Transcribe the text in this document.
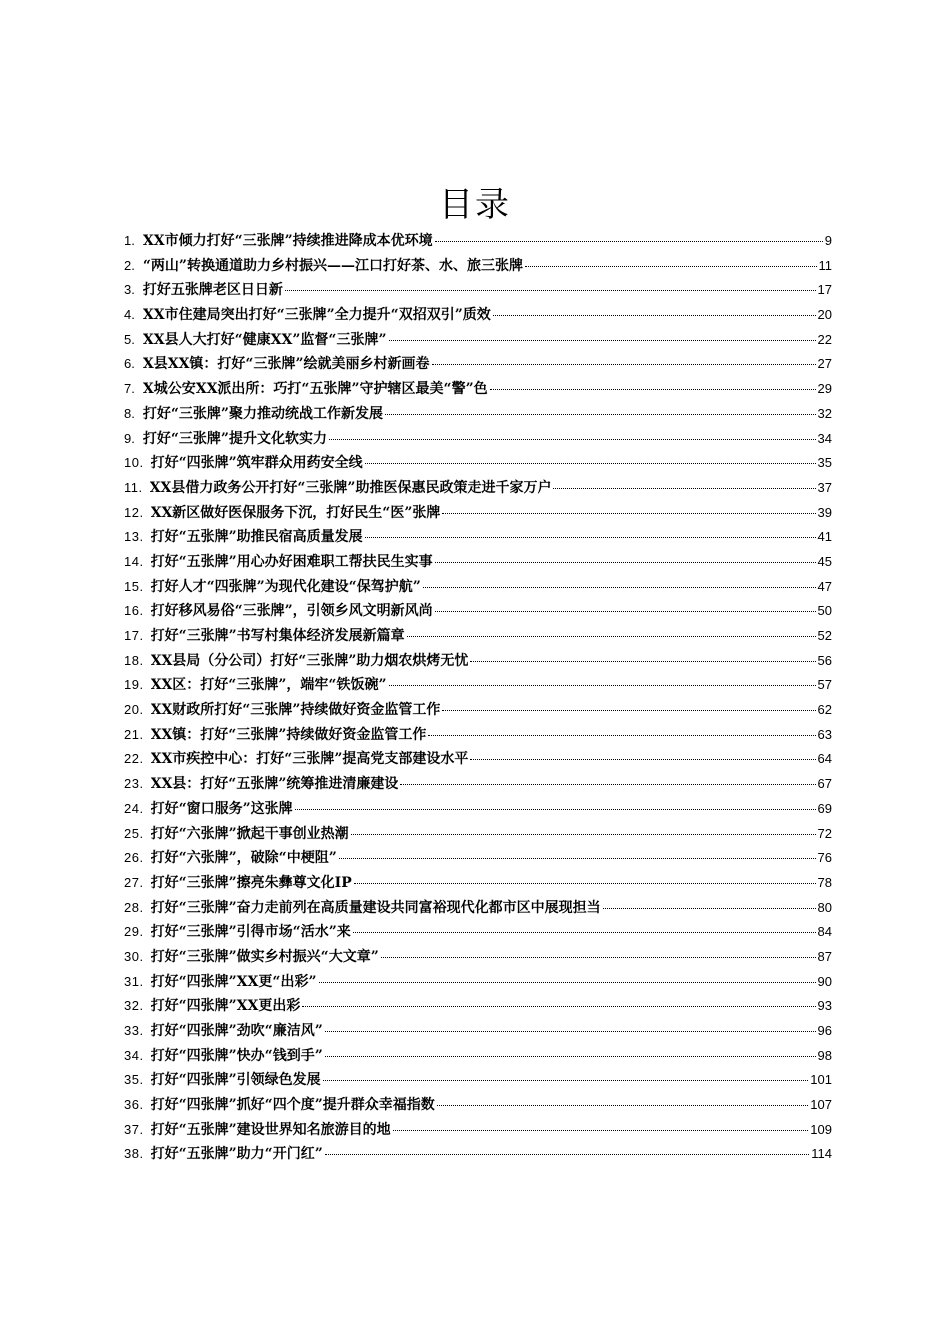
目录
1. XX市倾力打好“三张牌”持续推进降成本优环境	9
2. “两山”转换通道助力乡村振兴——江口打好茶、水、旅三张牌	11
3. 打好五张牌老区日日新	17
4. XX市住建局突出打好“三张牌”全力提升“双招双引”质效	20
5. XX县人大打好“健康XX”监督“三张牌”	22
6. X县XX镇：打好“三张牌”绘就美丽乡村新画卷	27
7. X城公安XX派出所：巧打“五张牌”守护辖区最美“警”色	29
8. 打好“三张牌”聚力推动统战工作新发展	32
9. 打好“三张牌”提升文化软实力	34
10. 打好“四张牌”筑牢群众用药安全线	35
11. XX县借力政务公开打好“三张牌”助推医保惠民政策走进千家万户	37
12. XX新区做好医保服务下沉，打好民生“医”张牌	39
13. 打好“五张牌”助推民宿高质量发展	41
14. 打好“五张牌”用心办好困难职工帮扶民生实事	45
15. 打好人才“四张牌”为现代化建设“保驾护航”	47
16. 打好移风易俗“三张牌”，引领乡风文明新风尚	50
17. 打好“三张牌”书写村集体经济发展新篇章	52
18. XX县局（分公司）打好“三张牌”助力烟农烘烤无忧	56
19. XX区：打好“三张牌”，端牢“铁饭碗”	57
20. XX财政所打好“三张牌”持续做好资金监管工作	62
21. XX镇：打好“三张牌”持续做好资金监管工作	63
22. XX市疾控中心：打好“三张牌”提高党支部建设水平	64
23. XX县：打好“五张牌”统筹推进清廉建设	67
24. 打好“窗口服务”这张牌	69
25. 打好“六张牌”掀起干事创业热潮	72
26. 打好“六张牌”，破除“中梗阻”	76
27. 打好“三张牌”擦亮朱彝尊文化IP	78
28. 打好“三张牌”奋力走前列在高质量建设共同富裕现代化都市区中展现担当	80
29. 打好“三张牌”引得市场“活水”来	84
30. 打好“三张牌”做实乡村振兴“大文章”	87
31. 打好“四张牌”XX更“出彩”	90
32. 打好“四张牌”XX更出彩	93
33. 打好“四张牌”劲吹“廉洁风”	96
34. 打好“四张牌”快办“钱到手”	98
35. 打好“四张牌”引领绿色发展	101
36. 打好“四张牌”抓好“四个度”提升群众幸福指数	107
37. 打好“五张牌”建设世界知名旅游目的地	109
38. 打好“五张牌”助力“开门红”	114
